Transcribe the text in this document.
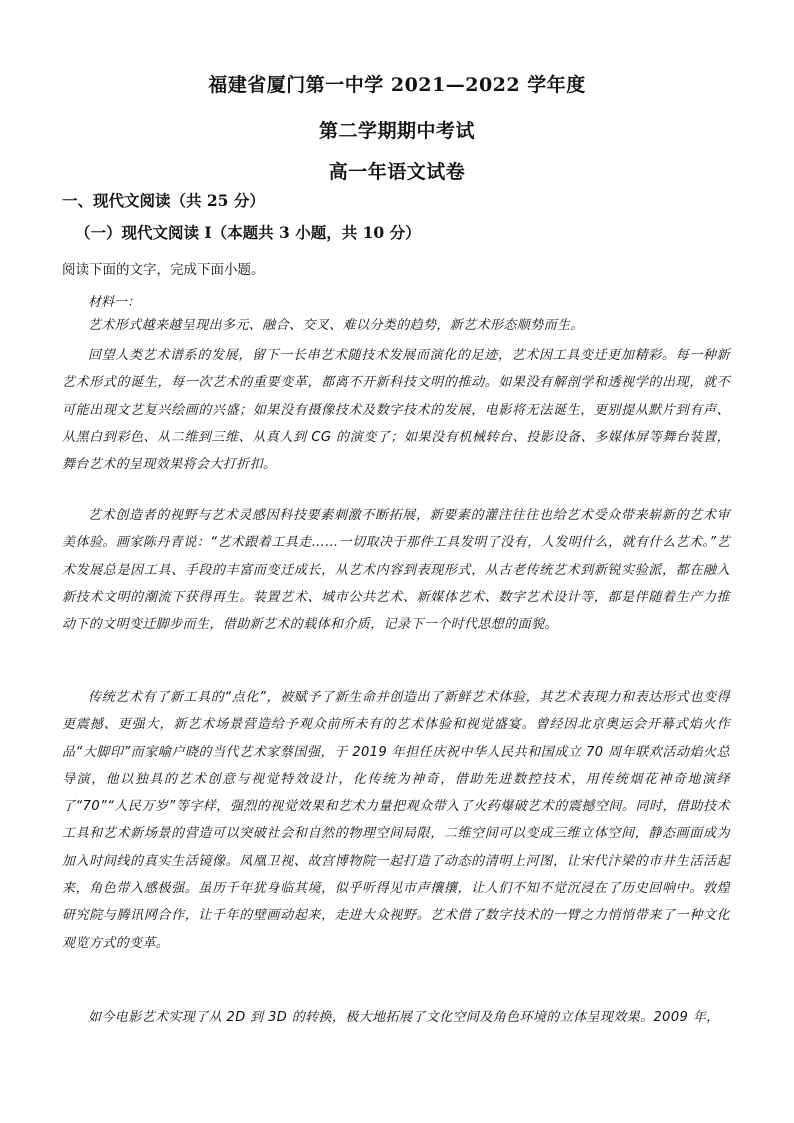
福建省厦门第一中学 2021—2022 学年度
第二学期期中考试
高一年语文试卷
一、现代文阅读（共 25 分）
（一）现代文阅读 I（本题共 3 小题，共 10 分）
阅读下面的文字，完成下面小题。
材料一：

艺术形式越来越呈现出多元、融合、交叉、难以分类的趋势，新艺术形态顺势而生。

回望人类艺术谱系的发展，留下一长串艺术随技术发展而演化的足迹，艺术因工具变迁更加精彩。每一种新艺术形式的诞生，每一次艺术的重要变革，都离不开新科技文明的推动。如果没有解剖学和透视学的出现，就不可能出现文艺复兴绘画的兴盛；如果没有摄像技术及数字技术的发展，电影将无法诞生，更别提从默片到有声、从黑白到彩色、从二维到三维、从真人到 CG 的演变了；如果没有机械转台、投影设备、多媒体屏等舞台装置，舞台艺术的呈现效果将会大打折扣。

艺术创造者的视野与艺术灵感因科技要素刺激不断拓展，新要素的灌注往往也给艺术受众带来崭新的艺术审美体验。画家陈丹青说：“艺术跟着工具走……一切取决于那件工具发明了没有，人发明什么，就有什么艺术。”艺术发展总是因工具、手段的丰富而变迁成长，从艺术内容到表现形式，从古老传统艺术到新锐实验派，都在融入新技术文明的潮流下获得再生。装置艺术、城市公共艺术、新媒体艺术、数字艺术设计等，都是伴随着生产力推动下的文明变迁脚步而生，借助新艺术的载体和介质，记录下一个时代思想的面貌。

传统艺术有了新工具的“点化”，被赋予了新生命并创造出了新鲜艺术体验，其艺术表现力和表达形式也变得更震撼、更强大，新艺术场景营造给予观众前所未有的艺术体验和视觉盛宴。曾经因北京奥运会开幕式焰火作品“大脚印”而家喻户晓的当代艺术家蔡国强，于 2019 年担任庆祝中华人民共和国成立 70 周年联欢活动焰火总导演，他以独具的艺术创意与视觉特效设计，化传统为神奇，借助先进数控技术，用传统烟花神奇地演绎了“70”“人民万岁”等字样，强烈的视觉效果和艺术力量把观众带入了火药爆破艺术的震撼空间。同时，借助技术工具和艺术新场景的营造可以突破社会和自然的物理空间局限，二维空间可以变成三维立体空间，静态画面成为加入时间线的真实生活镜像。凤凰卫视、故宫博物院一起打造了动态的清明上河图，让宋代汴梁的市井生活活起来，角色带入感极强。虽历千年犹身临其境，似乎听得见市声攘攘，让人们不知不觉沉浸在了历史回响中。敦煌研究院与腾讯网合作，让千年的壁画动起来，走进大众视野。艺术借了数字技术的一臂之力悄悄带来了一种文化观览方式的变革。

如今电影艺术实现了从 2D 到 3D 的转换，极大地拓展了文化空间及角色环境的立体呈现效果。2009 年，
